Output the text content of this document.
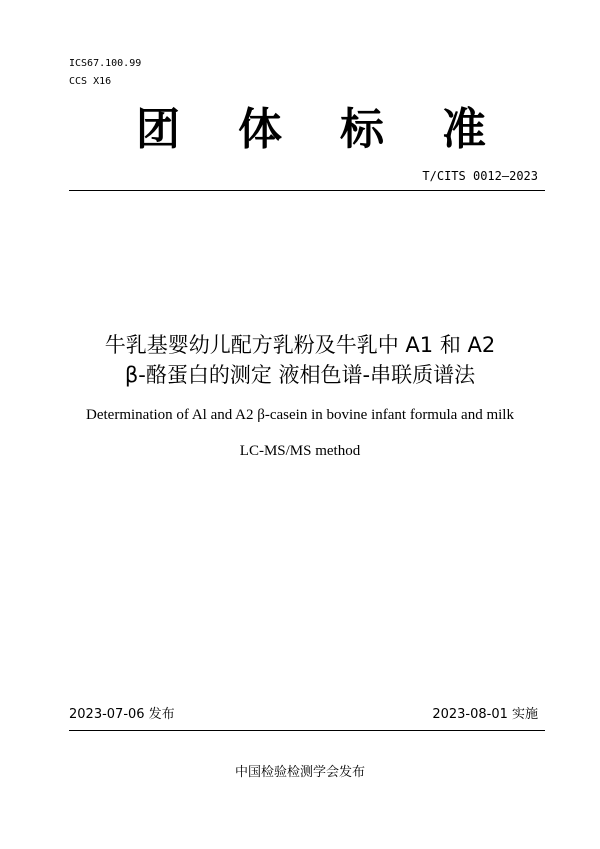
ICS67.100.99
CCS X16
团 体 标 准
T/CITS 0012—2023
牛乳基婴幼儿配方乳粉及牛乳中 A1 和 A2
β-酪蛋白的测定 液相色谱-串联质谱法
Determination of Al and A2 β-casein in bovine infant formula and milk
LC-MS/MS method
2023-07-06 发布	2023-08-01 实施
中国检验检测学会发布
